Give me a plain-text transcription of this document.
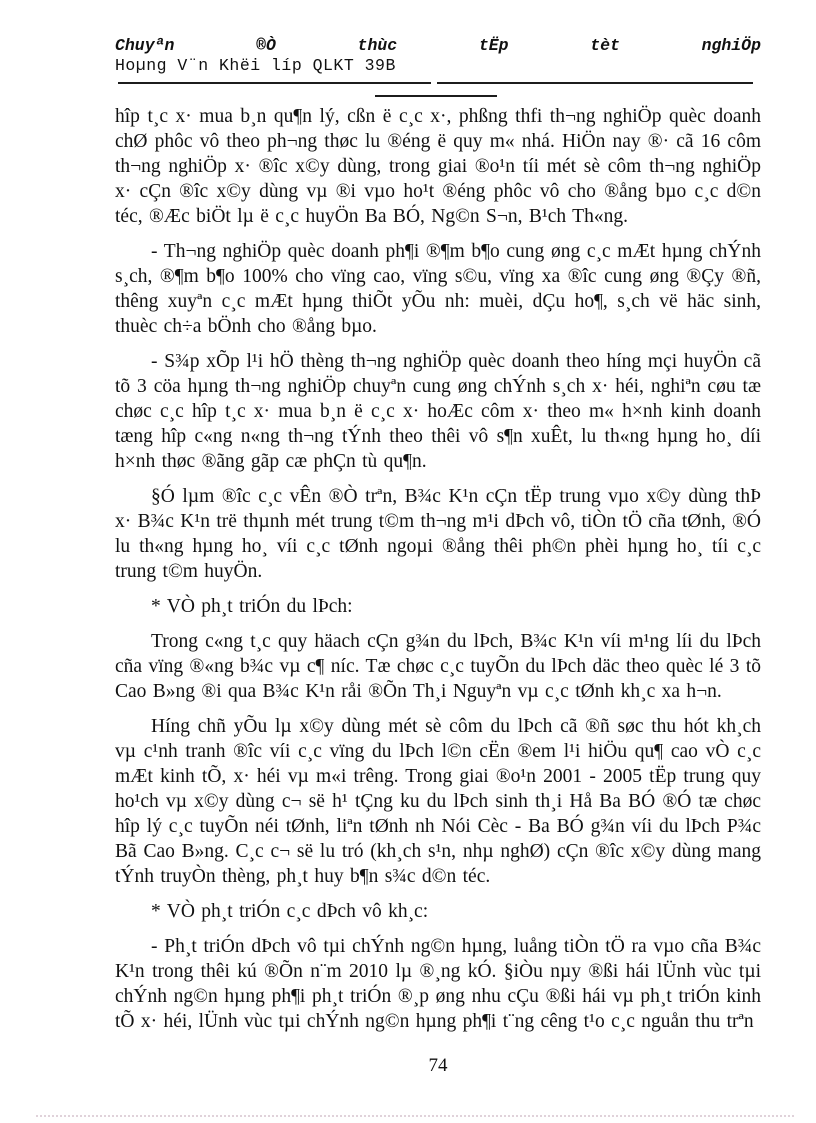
Chuyªn	®Ò	thùc	tËp	tèt	nghiÖp
Hoµng V¨n Khëi líp QLKT 39B

hîp t¸c x· mua b¸n qu¶n lý, cßn ë c¸c x·, phßng thfi th¬ng nghiÖp quèc doanh chØ phôc vô theo ph¬ng thøc lu ®éng ë quy m« nhá. HiÖn nay ®· cã 16 côm th¬ng nghiÖp x· ®îc x©y dùng, trong giai ®o¹n tíi mét sè côm th¬ng nghiÖp x· cÇn ®îc x©y dùng vµ ®i vµo ho¹t ®éng phôc vô cho ®ång bµo c¸c d©n téc, ®Æc biÖt lµ ë c¸c huyÖn Ba BÓ, Ng©n S¬n, B¹ch Th«ng.

- Th¬ng nghiÖp quèc doanh ph¶i ®¶m b¶o cung øng c¸c mÆt hµng chÝnh s¸ch, ®¶m b¶o 100% cho vïng cao, vïng s©u, vïng xa ®îc cung øng ®Çy ®ñ, thêng xuyªn c¸c mÆt hµng thiÕt yÕu nh: muèi, dÇu ho¶, s¸ch vë häc sinh, thuèc ch÷a bÖnh cho ®ång bµo.

- S¾p xÕp l¹i hÖ thèng th¬ng nghiÖp quèc doanh theo híng mçi huyÖn cã tõ 3 cöa hµng th¬ng nghiÖp chuyªn cung øng chÝnh s¸ch x· héi, nghiªn cøu tæ chøc c¸c hîp t¸c x· mua b¸n ë c¸c x· hoÆc côm x· theo m« h×nh kinh doanh tæng hîp c«ng n«ng th¬ng tÝnh theo thêi vô s¶n xuÊt, lu th«ng hµng ho¸ díi h×nh thøc ®ãng gãp cæ phÇn tù qu¶n.

§Ó lµm ®îc c¸c vÊn ®Ò trªn, B¾c K¹n cÇn tËp trung vµo x©y dùng thÞ x· B¾c K¹n trë thµnh mét trung t©m th¬ng m¹i dÞch vô, tiÒn tÖ cña tØnh, ®Ó lu th«ng hµng ho¸ víi c¸c tØnh ngoµi ®ång thêi ph©n phèi hµng ho¸ tíi c¸c trung t©m huyÖn.

* VÒ ph¸t triÓn du lÞch:

Trong c«ng t¸c quy häach cÇn g¾n du lÞch, B¾c K¹n víi m¹ng líi du lÞch cña vïng ®«ng b¾c vµ c¶ níc. Tæ chøc c¸c tuyÕn du lÞch däc theo quèc lé 3 tõ Cao B»ng ®i qua B¾c K¹n råi ®Õn Th¸i Nguyªn vµ c¸c tØnh kh¸c xa h¬n.

Híng chñ yÕu lµ x©y dùng mét sè côm du lÞch cã ®ñ søc thu hót kh¸ch vµ c¹nh tranh ®îc víi c¸c vïng du lÞch l©n cËn ®em l¹i hiÖu qu¶ cao vÒ c¸c mÆt kinh tÕ, x· héi vµ m«i trêng. Trong giai ®o¹n 2001 - 2005 tËp trung quy ho¹ch vµ x©y dùng c¬ së h¹ tÇng ku du lÞch sinh th¸i Hå Ba BÓ ®Ó tæ chøc hîp lý c¸c tuyÕn néi tØnh, liªn tØnh nh Nói Cèc - Ba BÓ g¾n víi du lÞch P¾c Bã Cao B»ng. C¸c c¬ së lu tró (kh¸ch s¹n, nhµ nghØ) cÇn ®îc x©y dùng mang tÝnh truyÒn thèng, ph¸t huy b¶n s¾c d©n téc.

* VÒ ph¸t triÓn c¸c dÞch vô kh¸c:

- Ph¸t triÓn dÞch vô tµi chÝnh ng©n hµng, luång tiÒn tÖ ra vµo cña B¾c K¹n trong thêi kú ®Õn n¨m 2010 lµ ®¸ng kÓ. §iÒu nµy ®ßi hái lÜnh vùc tµi chÝnh ng©n hµng ph¶i ph¸t triÓn ®¸p øng nhu cÇu ®ßi hái vµ ph¸t triÓn kinh tÕ x· héi, lÜnh vùc tµi chÝnh ng©n hµng ph¶i t¨ng cêng t¹o c¸c nguån thu trªn

74
